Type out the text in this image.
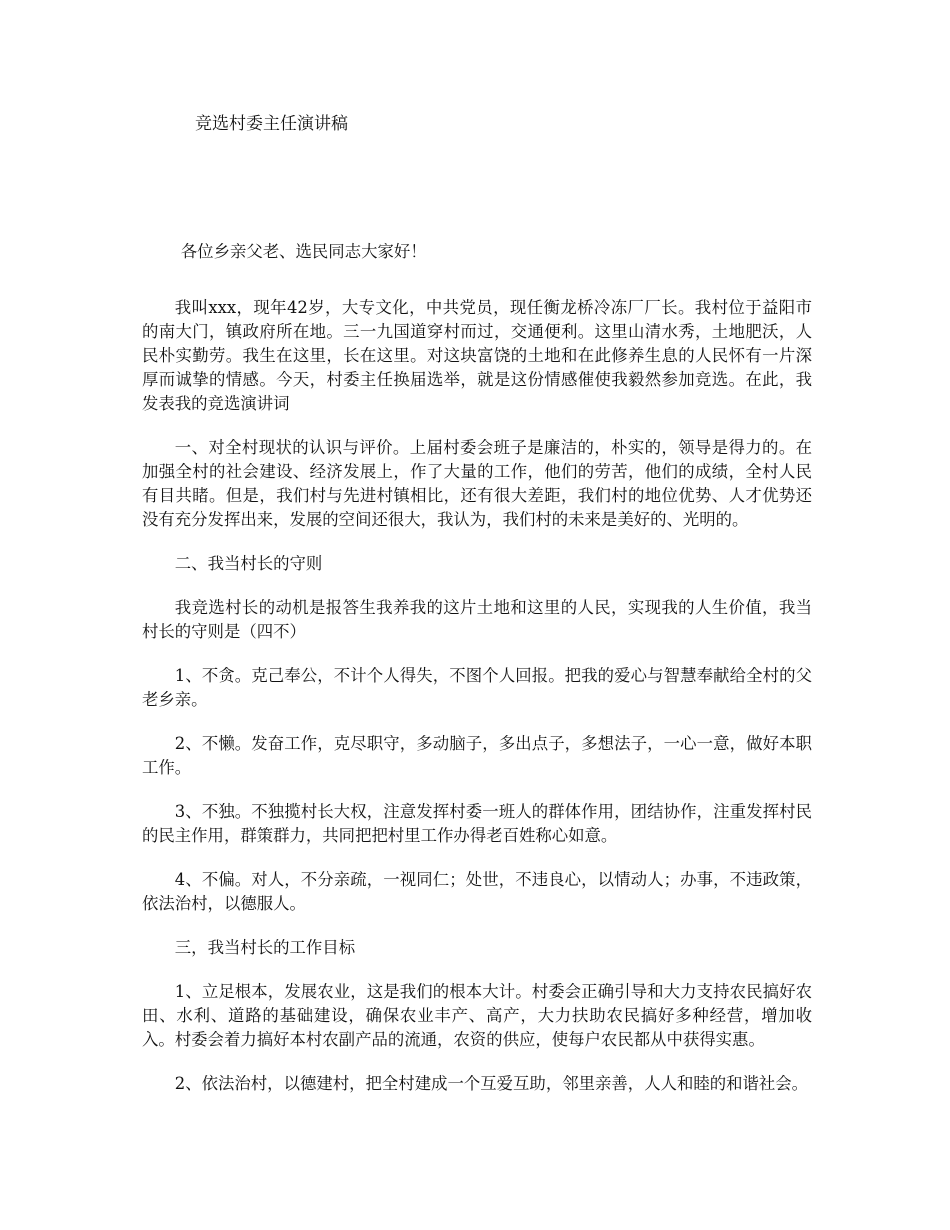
竞选村委主任演讲稿

各位乡亲父老、选民同志大家好！

我叫xxx，现年42岁，大专文化，中共党员，现任衡龙桥冷冻厂厂长。我村位于益阳市的南大门，镇政府所在地。三一九国道穿村而过，交通便利。这里山清水秀，土地肥沃，人民朴实勤劳。我生在这里，长在这里。对这块富饶的土地和在此修养生息的人民怀有一片深厚而诚挚的情感。今天，村委主任换届选举，就是这份情感催使我毅然参加竞选。在此，我发表我的竞选演讲词

一、对全村现状的认识与评价。上届村委会班子是廉洁的，朴实的，领导是得力的。在加强全村的社会建设、经济发展上，作了大量的工作，他们的劳苦，他们的成绩，全村人民有目共睹。但是，我们村与先进村镇相比，还有很大差距，我们村的地位优势、人才优势还没有充分发挥出来，发展的空间还很大，我认为，我们村的未来是美好的、光明的。

二、我当村长的守则

我竞选村长的动机是报答生我养我的这片土地和这里的人民，实现我的人生价值，我当村长的守则是（四不）

1、不贪。克己奉公，不计个人得失，不图个人回报。把我的爱心与智慧奉献给全村的父老乡亲。

2、不懒。发奋工作，克尽职守，多动脑子，多出点子，多想法子，一心一意，做好本职工作。

3、不独。不独揽村长大权，注意发挥村委一班人的群体作用，团结协作，注重发挥村民的民主作用，群策群力，共同把把村里工作办得老百姓称心如意。

4、不偏。对人，不分亲疏，一视同仁；处世，不违良心，以情动人；办事，不违政策，依法治村，以德服人。

三，我当村长的工作目标

1、立足根本，发展农业，这是我们的根本大计。村委会正确引导和大力支持农民搞好农田、水利、道路的基础建设，确保农业丰产、高产，大力扶助农民搞好多种经营，增加收入。村委会着力搞好本村农副产品的流通，农资的供应，使每户农民都从中获得实惠。

2、依法治村，以德建村，把全村建成一个互爱互助，邻里亲善，人人和睦的和谐社会。
